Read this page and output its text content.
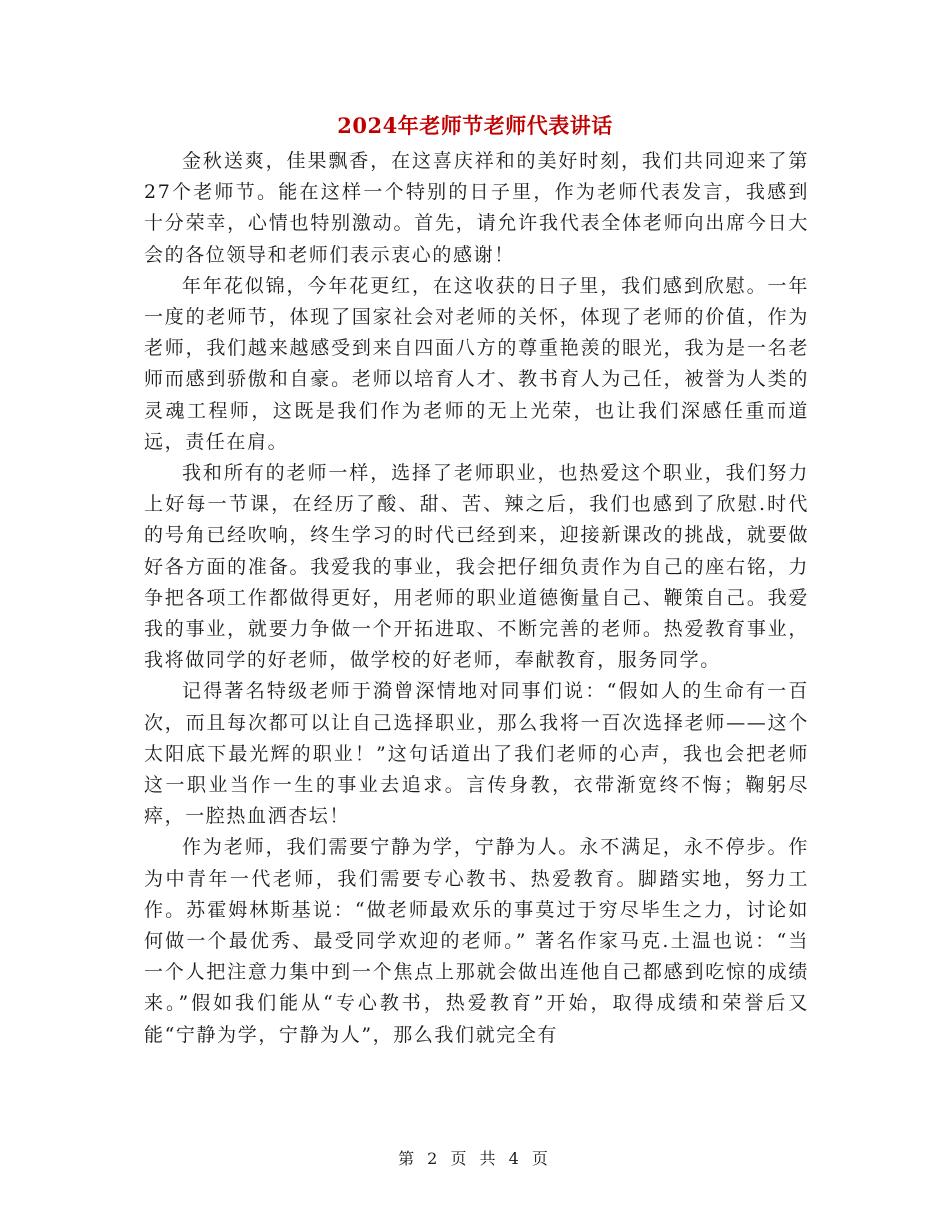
2024年老师节老师代表讲话

金秋送爽，佳果飘香，在这喜庆祥和的美好时刻，我们共同迎来了第27个老师节。能在这样一个特别的日子里，作为老师代表发言，我感到十分荣幸，心情也特别激动。首先，请允许我代表全体老师向出席今日大会的各位领导和老师们表示衷心的感谢！

年年花似锦，今年花更红，在这收获的日子里，我们感到欣慰。一年一度的老师节，体现了国家社会对老师的关怀，体现了老师的价值，作为老师，我们越来越感受到来自四面八方的尊重艳羡的眼光，我为是一名老师而感到骄傲和自豪。老师以培育人才、教书育人为己任，被誉为人类的灵魂工程师，这既是我们作为老师的无上光荣，也让我们深感任重而道远，责任在肩。

我和所有的老师一样，选择了老师职业，也热爱这个职业，我们努力上好每一节课，在经历了酸、甜、苦、辣之后，我们也感到了欣慰.时代的号角已经吹响，终生学习的时代已经到来，迎接新课改的挑战，就要做好各方面的准备。我爱我的事业，我会把仔细负责作为自己的座右铭，力争把各项工作都做得更好，用老师的职业道德衡量自己、鞭策自己。我爱我的事业，就要力争做一个开拓进取、不断完善的老师。热爱教育事业，我将做同学的好老师，做学校的好老师，奉献教育，服务同学。

记得著名特级老师于漪曾深情地对同事们说：“假如人的生命有一百次，而且每次都可以让自己选择职业，那么我将一百次选择老师——这个太阳底下最光辉的职业！”这句话道出了我们老师的心声，我也会把老师这一职业当作一生的事业去追求。言传身教，衣带渐宽终不悔；鞠躬尽瘁，一腔热血洒杏坛！

作为老师，我们需要宁静为学，宁静为人。永不满足，永不停步。作为中青年一代老师，我们需要专心教书、热爱教育。脚踏实地，努力工作。苏霍姆林斯基说：“做老师最欢乐的事莫过于穷尽毕生之力，讨论如何做一个最优秀、最受同学欢迎的老师。” 著名作家马克.土温也说：“当一个人把注意力集中到一个焦点上那就会做出连他自己都感到吃惊的成绩来。”假如我们能从“专心教书，热爱教育”开始，取得成绩和荣誉后又能“宁静为学，宁静为人”，那么我们就完全有

第 2 页 共 4 页
